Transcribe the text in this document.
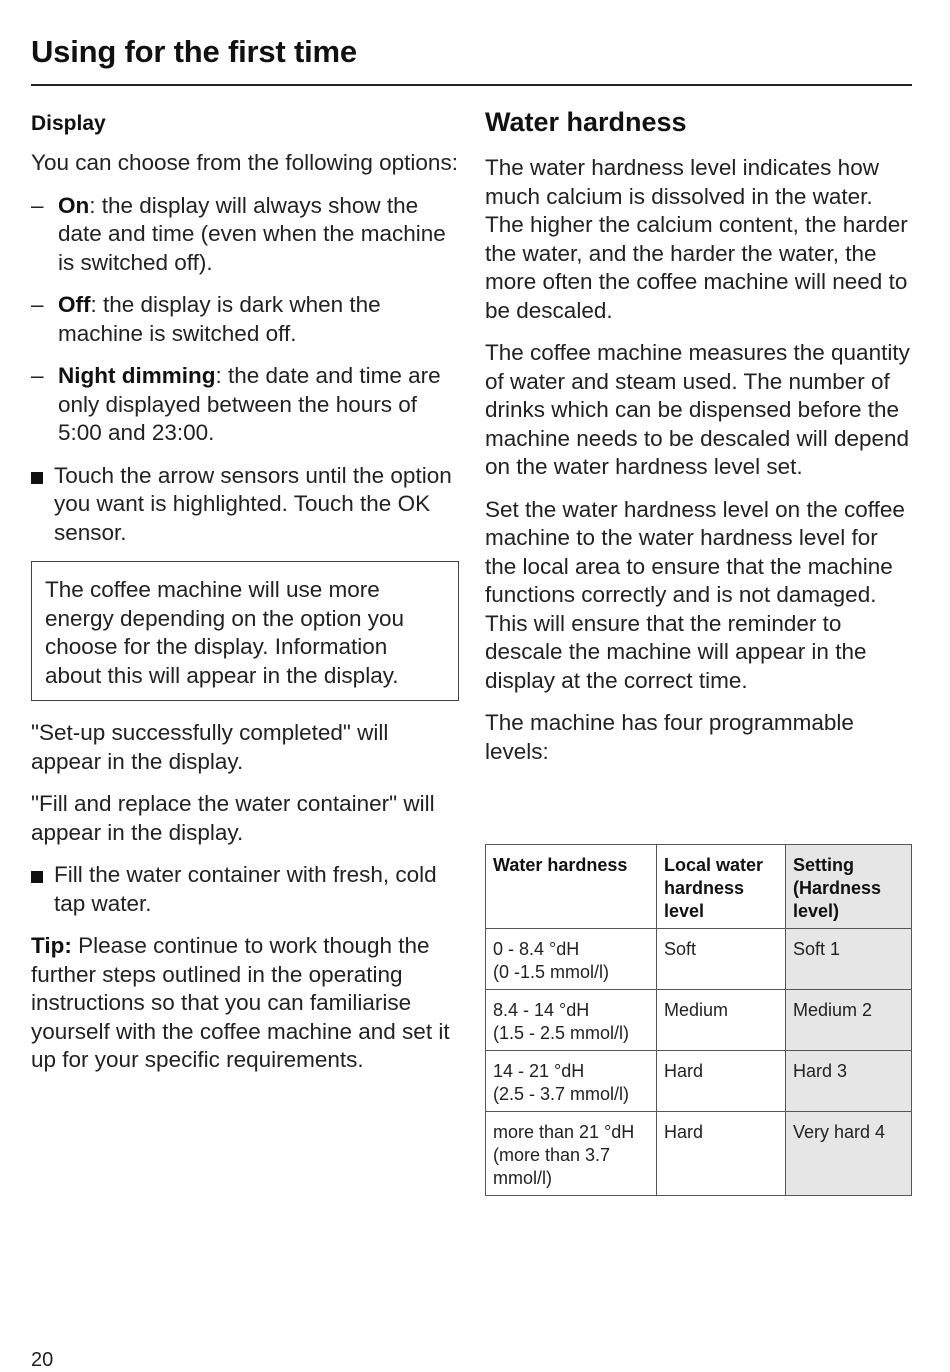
Using for the first time
Display

You can choose from the following options:

– On: the display will always show the date and time (even when the machine is switched off).
– Off: the display is dark when the machine is switched off.
– Night dimming: the date and time are only displayed between the hours of 5:00 and 23:00.
Touch the arrow sensors until the option you want is highlighted. Touch the OK sensor.
The coffee machine will use more energy depending on the option you choose for the display. Information about this will appear in the display.

"Set-up successfully completed" will appear in the display.

"Fill and replace the water container" will appear in the display.

Fill the water container with fresh, cold tap water.

Tip: Please continue to work though the further steps outlined in the operating instructions so that you can familiarise yourself with the coffee machine and set it up for your specific requirements.

Water hardness

The water hardness level indicates how much calcium is dissolved in the water. The higher the calcium content, the harder the water, and the harder the water, the more often the coffee machine will need to be descaled.

The coffee machine measures the quantity of water and steam used. The number of drinks which can be dispensed before the machine needs to be descaled will depend on the water hardness level set.

Set the water hardness level on the coffee machine to the water hardness level for the local area to ensure that the machine functions correctly and is not damaged. This will ensure that the reminder to descale the machine will appear in the display at the correct time.

The machine has four programmable levels:

Water hardness	Local water hardness level	Setting (Hardness level)
0 - 8.4 °dH
(0 -1.5 mmol/l)	Soft	Soft 1
8.4 - 14 °dH
(1.5 - 2.5 mmol/l)	Medium	Medium 2
14 - 21 °dH
(2.5 - 3.7 mmol/l)	Hard	Hard 3
more than 21 °dH
(more than 3.7 mmol/l)	Hard	Very hard 4
20
